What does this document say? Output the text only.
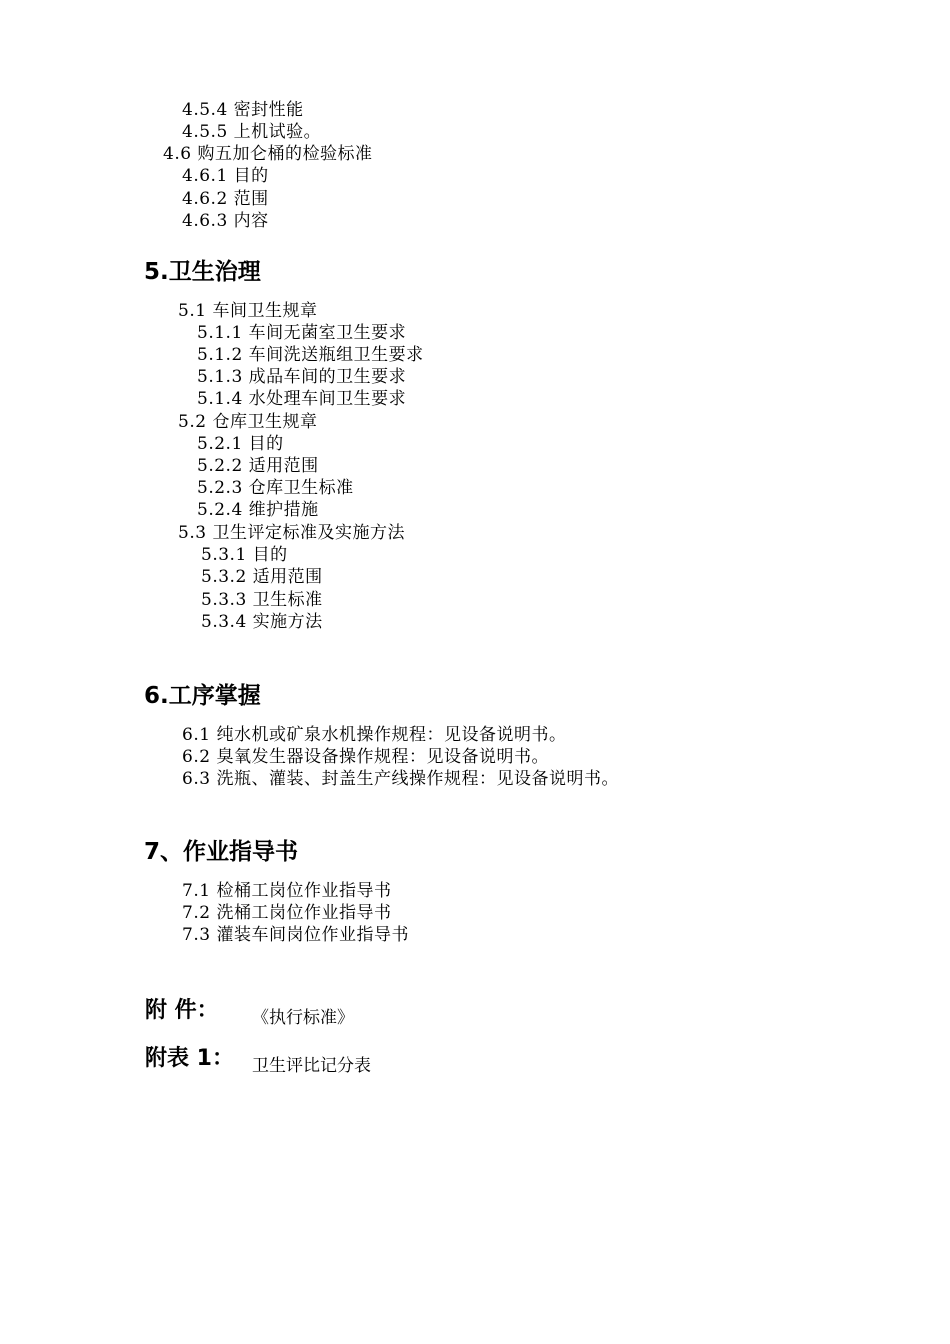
4.5.4 密封性能
4.5.5 上机试验。
4.6 购五加仑桶的检验标准
4.6.1 目的
4.6.2 范围
4.6.3 内容
5.卫生治理
5.1 车间卫生规章
5.1.1 车间无菌室卫生要求
5.1.2 车间洗送瓶组卫生要求
5.1.3 成品车间的卫生要求
5.1.4 水处理车间卫生要求
5.2 仓库卫生规章
5.2.1 目的
5.2.2 适用范围
5.2.3 仓库卫生标准
5.2.4 维护措施
5.3 卫生评定标准及实施方法
5.3.1 目的
5.3.2 适用范围
5.3.3 卫生标准
5.3.4 实施方法
6.工序掌握
6.1 纯水机或矿泉水机操作规程：见设备说明书。
6.2 臭氧发生器设备操作规程：见设备说明书。
6.3 洗瓶、灌装、封盖生产线操作规程：见设备说明书。
7、作业指导书
7.1 检桶工岗位作业指导书
7.2 洗桶工岗位作业指导书
7.3 灌装车间岗位作业指导书
附 件： 《执行标准》
附表 1： 卫生评比记分表
